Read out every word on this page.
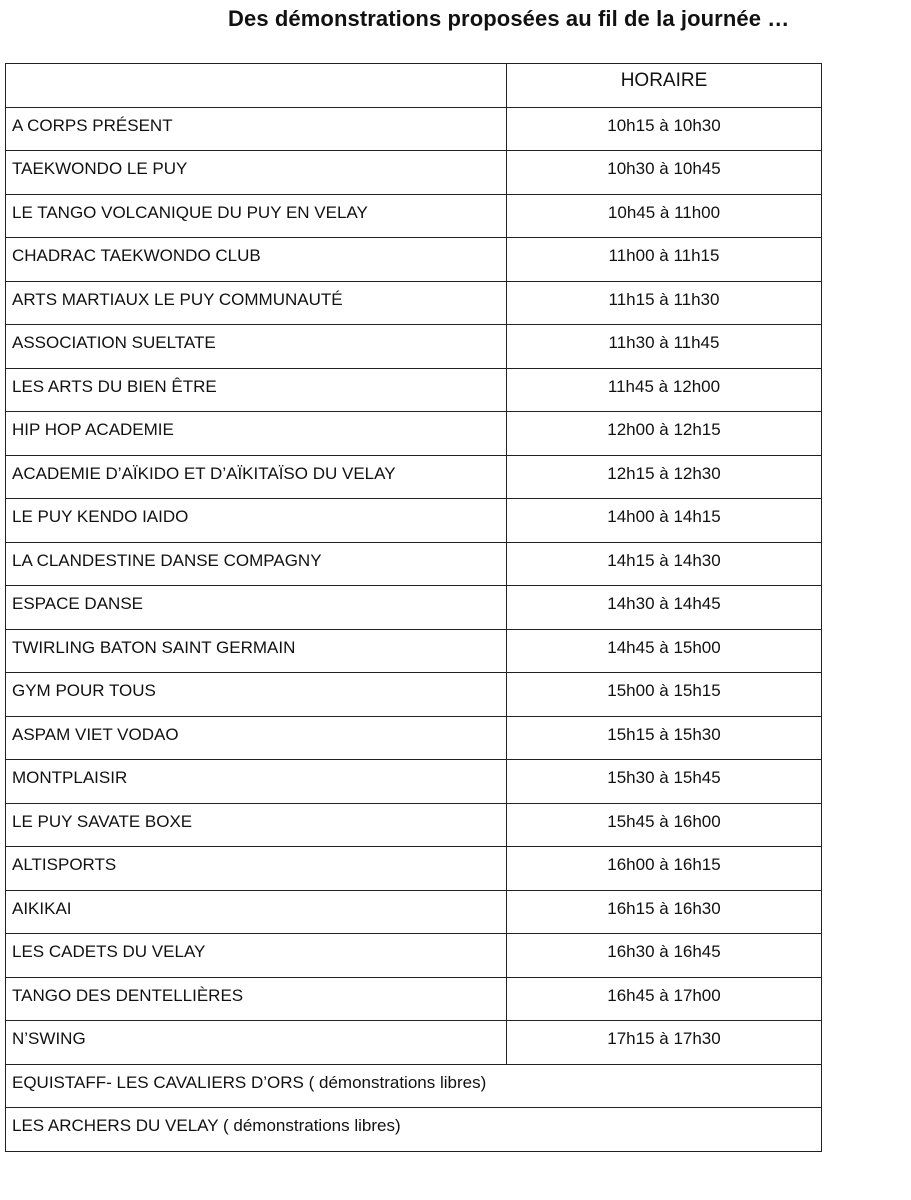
Des démonstrations proposées au fil de la journée …
	HORAIRE
A CORPS PRÉSENT	10h15 à 10h30
TAEKWONDO LE PUY	10h30 à 10h45
LE TANGO VOLCANIQUE DU PUY EN VELAY	10h45 à 11h00
CHADRAC TAEKWONDO CLUB	11h00 à 11h15
ARTS MARTIAUX LE PUY COMMUNAUTÉ	11h15 à 11h30
ASSOCIATION SUELTATE	11h30 à 11h45
LES ARTS DU BIEN ÊTRE	11h45 à 12h00
HIP HOP ACADEMIE	12h00 à 12h15
ACADEMIE D’AÏKIDO ET D’AÏKITAÏSO DU VELAY	12h15 à 12h30
LE PUY KENDO IAIDO	14h00 à 14h15
LA CLANDESTINE DANSE COMPAGNY	14h15 à 14h30
ESPACE DANSE	14h30 à 14h45
TWIRLING BATON SAINT GERMAIN	14h45 à 15h00
GYM POUR TOUS	15h00 à 15h15
ASPAM VIET VODAO	15h15 à 15h30
MONTPLAISIR	15h30 à 15h45
LE PUY SAVATE BOXE	15h45 à 16h00
ALTISPORTS	16h00 à 16h15
AIKIKAI	16h15 à 16h30
LES CADETS DU VELAY	16h30 à 16h45
TANGO DES DENTELLIÈRES	16h45 à 17h00
N’SWING	17h15 à 17h30
EQUISTAFF- LES CAVALIERS D’ORS ( démonstrations libres)	
LES ARCHERS DU VELAY ( démonstrations libres)	
